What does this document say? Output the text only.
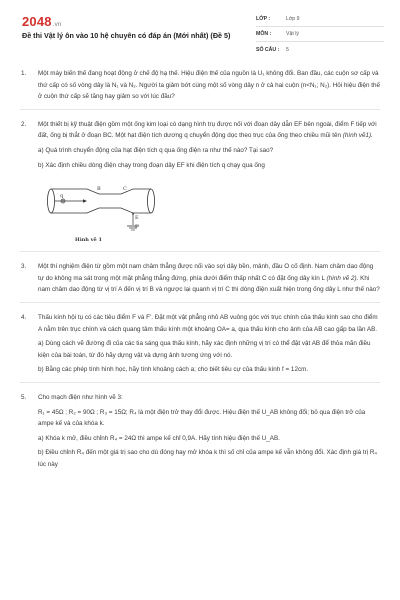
2048.vn
Đề thi Vật lý ôn vào 10 hệ chuyên có đáp án (Mới nhất) (Đề 5)
LỚP :	Lớp 9
MÔN :	Vật lý
SỐ CÂU :	5
1. Một máy biến thế đang hoạt động ở chế độ hạ thế. Hiệu điện thế của nguồn là U₁ không đổi. Ban đầu, các cuộn sơ cấp và thứ cấp có số vòng dây là N₁ và N₂. Người ta giảm bớt cùng một số vòng dây n ở cả hai cuộn (n<N₁; N₂). Hỏi hiệu điện thế ở cuộn thứ cấp sẽ tăng hay giảm so với lúc đầu?
2. Một thiết bị kỹ thuật điện gồm một ống kim loại có dạng hình trụ được nối với đoạn dây dẫn EF bên ngoài, điểm F tiếp với đất, ống bị thắt ở đoạn BC. Một hạt điện tích dương q chuyển động dọc theo trục của ống theo chiều mũi tên (hình vẽ1).
a) Quá trình chuyển động của hạt điện tích q qua ống điện ra như thế nào? Tại sao?
b) Xác định chiều dòng điện chạy trong đoạn dây EF khi điện tích q chạy qua ống
B	C
q
E
F
Hình vẽ 1
3. Một thí nghiệm điện từ gồm một nam châm thẳng được nối vào sợi dây bền, mảnh, đầu O cố định. Nam châm dao động tự do không ma sát trong một mặt phẳng thẳng đứng, phía dưới điểm thấp nhất C có đặt ống dây kín L (hình vẽ 2). Khi nam châm dao động từ vị trí A đến vị trí B và ngược lại quanh vị trí C thì dòng điện xuất hiện trong ống dây L như thế nào?
4. Thấu kính hội tụ có các tiêu điểm F và F'. Đặt một vật phẳng nhỏ AB vuông góc với trục chính của thấu kính sao cho điểm A nằm trên trục chính và cách quang tâm thấu kính một khoảng OA= a, qua thấu kính cho ảnh của AB cao gấp ba lần AB.
a) Dùng cách vẽ đường đi của các tia sáng qua thấu kính, hãy xác định những vị trí có thể đặt vật AB để thỏa mãn điều kiện của bài toán, từ đó hãy dựng vật và dựng ảnh tương ứng với nó.
b) Bằng các phép tính hình học, hãy tính khoảng cách a; cho biết tiêu cự của thấu kính f = 12cm.
5. Cho mạch điện như hình vẽ 3:
R₁ = 45Ω ; R₂ = 90Ω ; R₃ = 15Ω; R₄ là một điện trở thay đổi được. Hiệu điện thế U_AB không đổi; bỏ qua điện trở của ampe kế và của khóa k.
a) Khóa k mở, điều chỉnh R₄ = 24Ω thì ampe kế chỉ 0,9A. Hãy tính hiệu điện thế U_AB.
b) Điều chỉnh R₄ đến một giá trị sao cho dù đóng hay mở khóa k thì số chỉ của ampe kế vẫn không đổi. Xác định giá trị R₄ lúc này
